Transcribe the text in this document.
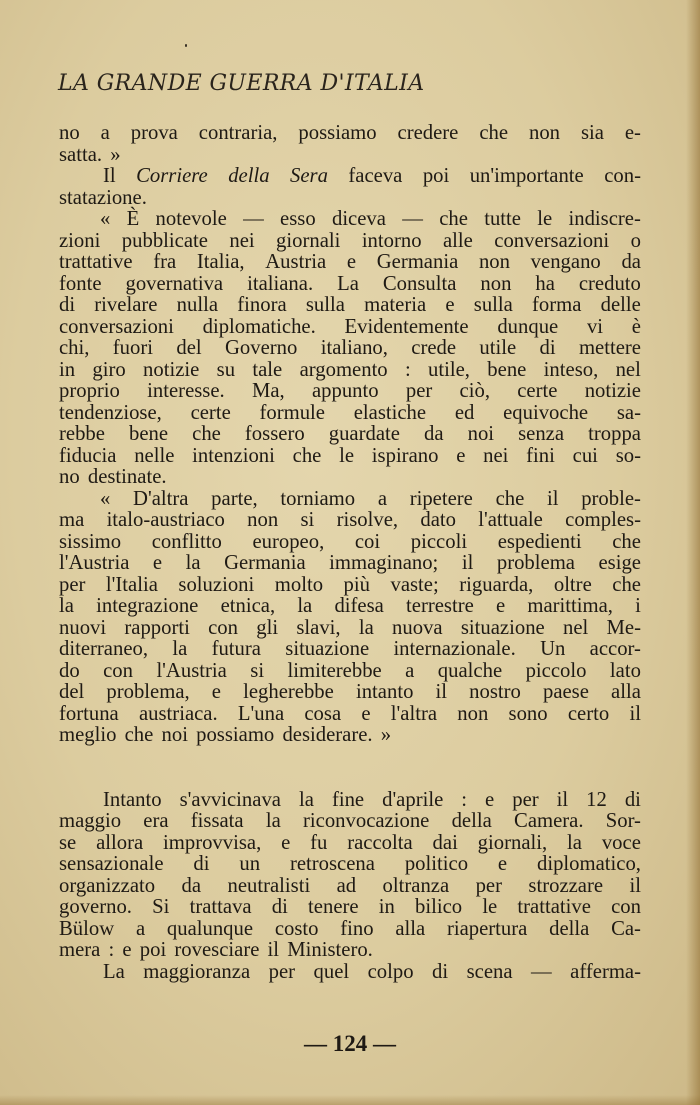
LA GRANDE GUERRA D'ITALIA
no a prova contraria, possiamo credere che non sia e-
satta. »
Il Corriere della Sera faceva poi un'importante con-
statazione.
« È notevole — esso diceva — che tutte le indiscre-
zioni pubblicate nei giornali intorno alle conversazioni o
trattative fra Italia, Austria e Germania non vengano da
fonte governativa italiana. La Consulta non ha creduto
di rivelare nulla finora sulla materia e sulla forma delle
conversazioni diplomatiche. Evidentemente dunque vi è
chi, fuori del Governo italiano, crede utile di mettere
in giro notizie su tale argomento : utile, bene inteso, nel
proprio interesse. Ma, appunto per ciò, certe notizie
tendenziose, certe formule elastiche ed equivoche sa-
rebbe bene che fossero guardate da noi senza troppa
fiducia nelle intenzioni che le ispirano e nei fini cui so-
no destinate.
« D'altra parte, torniamo a ripetere che il proble-
ma italo-austriaco non si risolve, dato l'attuale comples-
sissimo conflitto europeo, coi piccoli espedienti che
l'Austria e la Germania immaginano; il problema esige
per l'Italia soluzioni molto più vaste; riguarda, oltre che
la integrazione etnica, la difesa terrestre e marittima, i
nuovi rapporti con gli slavi, la nuova situazione nel Me-
diterraneo, la futura situazione internazionale. Un accor-
do con l'Austria si limiterebbe a qualche piccolo lato
del problema, e legherebbe intanto il nostro paese alla
fortuna austriaca. L'una cosa e l'altra non sono certo il
meglio che noi possiamo desiderare. »
Intanto s'avvicinava la fine d'aprile : e per il 12 di
maggio era fissata la riconvocazione della Camera. Sor-
se allora improvvisa, e fu raccolta dai giornali, la voce
sensazionale di un retroscena politico e diplomatico,
organizzato da neutralisti ad oltranza per strozzare il
governo. Si trattava di tenere in bilico le trattative con
Bülow a qualunque costo fino alla riapertura della Ca-
mera : e poi rovesciare il Ministero.
La maggioranza per quel colpo di scena — afferma-
— 124 —
